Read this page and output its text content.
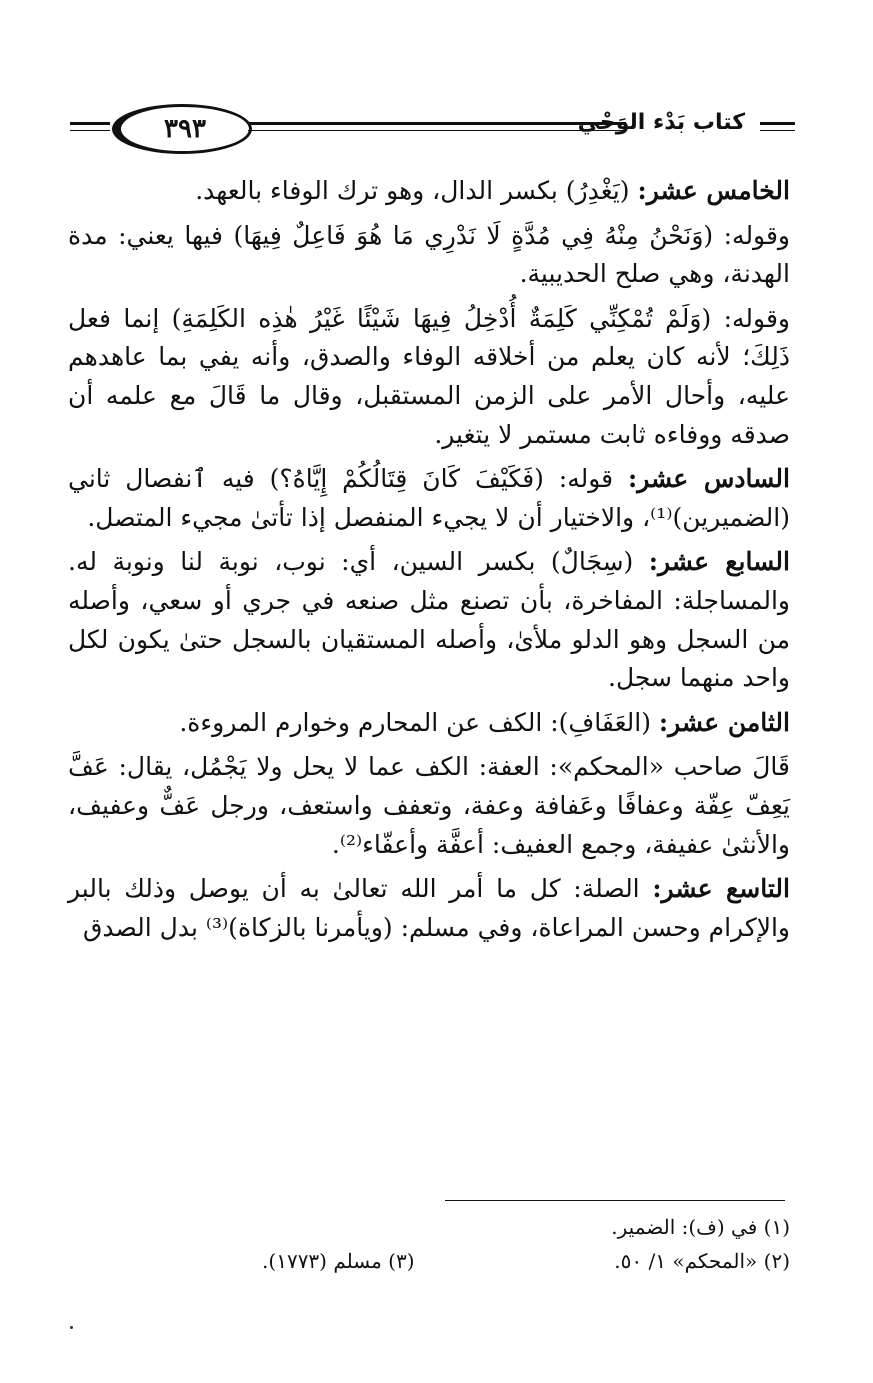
٣٩٣	كتاب بَدْء الوَحْي

الخامس عشر: (يَغْدِرُ) بكسر الدال، وهو ترك الوفاء بالعهد.

وقوله: (وَنَحْنُ مِنْهُ فِي مُدَّةٍ لَا نَدْرِي مَا هُوَ فَاعِلٌ فِيهَا) فيها يعني: مدة الهدنة، وهي صلح الحديبية.

وقوله: (وَلَمْ تُمْكِنِّي كَلِمَةٌ أُدْخِلُ فِيهَا شَيْئًا غَيْرُ هٰذِه الكَلِمَةِ) إنما فعل ذَلِكَ؛ لأنه كان يعلم من أخلاقه الوفاء والصدق، وأنه يفي بما عاهدهم عليه، وأحال الأمر على الزمن المستقبل، وقال ما قَالَ مع علمه أن صدقه ووفاءه ثابت مستمر لا يتغير.

السادس عشر: قوله: (فَكَيْفَ كَانَ قِتَالُكُمْ إِيَّاهُ؟) فيه ٱنفصال ثاني (الضميرين)⁽¹⁾، والاختيار أن لا يجيء المنفصل إذا تأتىٰ مجيء المتصل.

السابع عشر: (سِجَالٌ) بكسر السين، أي: نوب، نوبة لنا ونوبة له. والمساجلة: المفاخرة، بأن تصنع مثل صنعه في جري أو سعي، وأصله من السجل وهو الدلو ملأىٰ، وأصله المستقيان بالسجل حتىٰ يكون لكل واحد منهما سجل.

الثامن عشر: (العَفَافِ): الكف عن المحارم وخوارم المروءة.

قَالَ صاحب «المحكم»: العفة: الكف عما لا يحل ولا يَجْمُل، يقال: عَفَّ يَعِفّ عِفّة وعفافًا وعَفافة وعفة، وتعفف واستعف، ورجل عَفٌّ وعفيف، والأنثىٰ عفيفة، وجمع العفيف: أعفَّة وأعفّاء⁽²⁾.

التاسع عشر: الصلة: كل ما أمر الله تعالىٰ به أن يوصل وذلك بالبر والإكرام وحسن المراعاة، وفي مسلم: (ويأمرنا بالزكاة)⁽³⁾ بدل الصدق

(١) في (ف): الضمير.
(٢) «المحكم» ١/ ٥٠.
(٣) مسلم (١٧٧٣).
